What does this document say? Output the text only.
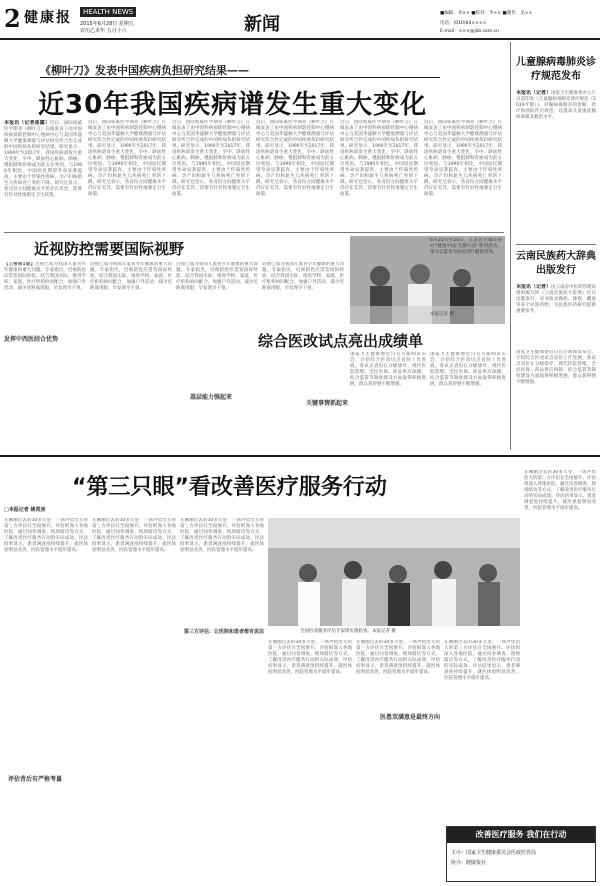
2 健康报	HEALTH NEWS
2015年6月28日 星期五
农历乙未年 五月十六	新闻
■编辑：李×× ■校对：李×× ■制作：吴××
电话：(010)64××××
E-mail：×××@jkb.com.cn
《柳叶刀》发表中国疾病负担研究结果——
近30年我国疾病谱发生重大变化
本报讯（记者崔露）近日，国际权威医学期刊《柳叶刀》在线发表了由中国疾病预防控制中心慢病中心与美国华盛顿大学健康测量与评估研究所合作完成的中国疾病负担研究结果。研究显示，1990年至2017年，我国疾病谱发生重大变化，卒中、缺血性心脏病、肺癌、慢阻肺和肝癌成为前五位死因。与1990年相比，中国居民期望寿命显著提高，主要由于传染性疾病、孕产妇和新生儿疾病死亡率的下降。研究还显示，各省份之间健康水平仍存在差异，需要有针对性地制定卫生政策。
近日，国际权威医学期刊《柳叶刀》在线发表了由中国疾病预防控制中心慢病中心与美国华盛顿大学健康测量与评估研究所合作完成的中国疾病负担研究结果。研究显示，1990年至2017年，我国疾病谱发生重大变化，卒中、缺血性心脏病、肺癌、慢阻肺和肝癌成为前五位死因。与1990年相比，中国居民期望寿命显著提高，主要由于传染性疾病、孕产妇和新生儿疾病死亡率的下降。研究还显示，各省份之间健康水平仍存在差异，需要有针对性地制定卫生政策。
近日，国际权威医学期刊《柳叶刀》在线发表了由中国疾病预防控制中心慢病中心与美国华盛顿大学健康测量与评估研究所合作完成的中国疾病负担研究结果。研究显示，1990年至2017年，我国疾病谱发生重大变化，卒中、缺血性心脏病、肺癌、慢阻肺和肝癌成为前五位死因。与1990年相比，中国居民期望寿命显著提高，主要由于传染性疾病、孕产妇和新生儿疾病死亡率的下降。研究还显示，各省份之间健康水平仍存在差异，需要有针对性地制定卫生政策。
近日，国际权威医学期刊《柳叶刀》在线发表了由中国疾病预防控制中心慢病中心与美国华盛顿大学健康测量与评估研究所合作完成的中国疾病负担研究结果。研究显示，1990年至2017年，我国疾病谱发生重大变化，卒中、缺血性心脏病、肺癌、慢阻肺和肝癌成为前五位死因。与1990年相比，中国居民期望寿命显著提高，主要由于传染性疾病、孕产妇和新生儿疾病死亡率的下降。研究还显示，各省份之间健康水平仍存在差异，需要有针对性地制定卫生政策。
近日，国际权威医学期刊《柳叶刀》在线发表了由中国疾病预防控制中心慢病中心与美国华盛顿大学健康测量与评估研究所合作完成的中国疾病负担研究结果。研究显示，1990年至2017年，我国疾病谱发生重大变化，卒中、缺血性心脏病、肺癌、慢阻肺和肝癌成为前五位死因。与1990年相比，中国居民期望寿命显著提高，主要由于传染性疾病、孕产妇和新生儿疾病死亡率的下降。研究还显示，各省份之间健康水平仍存在差异，需要有针对性地制定卫生政策。
近日，国际权威医学期刊《柳叶刀》在线发表了由中国疾病预防控制中心慢病中心与美国华盛顿大学健康测量与评估研究所合作完成的中国疾病负担研究结果。研究显示，1990年至2017年，我国疾病谱发生重大变化，卒中、缺血性心脏病、肺癌、慢阻肺和肝癌成为前五位死因。与1990年相比，中国居民期望寿命显著提高，主要由于传染性疾病、孕产妇和新生儿疾病死亡率的下降。研究还显示，各省份之间健康水平仍存在差异，需要有针对性地制定卫生政策。
儿童腺病毒肺炎诊疗规范发布
本报讯（记者）国家卫生健康委办公厅日前印发《儿童腺病毒肺炎诊疗规范（2019年版）》，对腺病毒肺炎的诊断、治疗和预防作出规范，以提高儿童重症腺病毒肺炎救治水平。
云南民族药大辞典出版发行
本报讯（记者）由云南省中医药管理局组织编写的《云南民族药大辞典》近日出版发行。该书收录彝族、傣族、藏族等多个民族药物，为民族医药研究提供重要参考。
近视防控需要国际视野
【上接第1版】近视已成为我国儿童青少年健康的重大问题。专家指出，近视防控应借鉴国际经验，结合我国实际，推进学校、家庭、医疗机构协同配合，加强户外活动，减少近距离用眼，早发现早干预。
发挥中西医结合优势
近视已成为我国儿童青少年健康的重大问题。专家指出，近视防控应借鉴国际经验，结合我国实际，推进学校、家庭、医疗机构协同配合，加强户外活动，减少近距离用眼，早发现早干预。
近视已成为我国儿童青少年健康的重大问题。专家指出，近视防控应借鉴国际经验，结合我国实际，推进学校、家庭、医疗机构协同配合，加强户外活动，减少近距离用眼，早发现早干预。
基层能力强起来
近视已成为我国儿童青少年健康的重大问题。专家指出，近视防控应借鉴国际经验，结合我国实际，推进学校、家庭、医疗机构协同配合，加强户外活动，减少近距离用眼，早发现早干预。
6月25日至26日，江苏省无锡市举办“健康中国·无锡行动”系列活动。图为志愿者为居民进行健康咨询。
本报记者 摄
综合医改试点亮出成绩单
国家卫生健康委近日召开新闻发布会，介绍综合医改试点省份工作进展。各试点省份在分级诊疗、现代医院管理、全民医保、药品供应保障、综合监管等制度建设方面取得积极进展，群众获得感不断增强。
关键事情抓起来
国家卫生健康委近日召开新闻发布会，介绍综合医改试点省份工作进展。各试点省份在分级诊疗、现代医院管理、全民医保、药品供应保障、综合监管等制度建设方面取得积极进展，群众获得感不断增强。
国家卫生健康委近日召开新闻发布会，介绍综合医改试点省份工作进展。各试点省份在分级诊疗、现代医院管理、全民医保、药品供应保障、综合监管等制度建设方面取得积极进展，群众获得感不断增强。
“第三只眼”看改善医疗服务行动
□本报记者 姚常房
在刚刚过去的30多天里，一场声势浩大的第三方评估在全国展开。评估组深入各地医院，通过问卷调查、现场暗访等方式，了解改善医疗服务行动的实际成效。评估结果显示，患者满意度持续提升，就医体验明显改善，医院管理水平稳步提高。
评估背后有严格考量
在刚刚过去的30多天里，一场声势浩大的第三方评估在全国展开。评估组深入各地医院，通过问卷调查、现场暗访等方式，了解改善医疗服务行动的实际成效。评估结果显示，患者满意度持续提升，就医体验明显改善，医院管理水平稳步提高。
在刚刚过去的30多天里，一场声势浩大的第三方评估在全国展开。评估组深入各地医院，通过问卷调查、现场暗访等方式，了解改善医疗服务行动的实际成效。评估结果显示，患者满意度持续提升，就医体验明显改善，医院管理水平稳步提高。
第三方评估：让医院和患者都有说法
在刚刚过去的30多天里，一场声势浩大的第三方评估在全国展开。评估组深入各地医院，通过问卷调查、现场暗访等方式，了解改善医疗服务行动的实际成效。评估结果显示，患者满意度持续提升，就医体验明显改善，医院管理水平稳步提高。
在刚刚过去的30多天里，一场声势浩大的第三方评估在全国展开。评估组深入各地医院，通过问卷调查、现场暗访等方式，了解改善医疗服务行动的实际成效。评估结果显示，患者满意度持续提升，就医体验明显改善，医院管理水平稳步提高。
医患双满意是最终方向
在刚刚过去的30多天里，一场声势浩大的第三方评估在全国展开。评估组深入各地医院，通过问卷调查、现场暗访等方式，了解改善医疗服务行动的实际成效。评估结果显示，患者满意度持续提升，就医体验明显改善，医院管理水平稳步提高。
在刚刚过去的30多天里，一场声势浩大的第三方评估在全国展开。评估组深入各地医院，通过问卷调查、现场暗访等方式，了解改善医疗服务行动的实际成效。评估结果显示，患者满意度持续提升，就医体验明显改善，医院管理水平稳步提高。
全国医改服务评估专家组实地检查。本报记者 摄
改善医疗服务 我们在行动
主办：国家卫生健康委员会医政医管局
协办：健康报社
